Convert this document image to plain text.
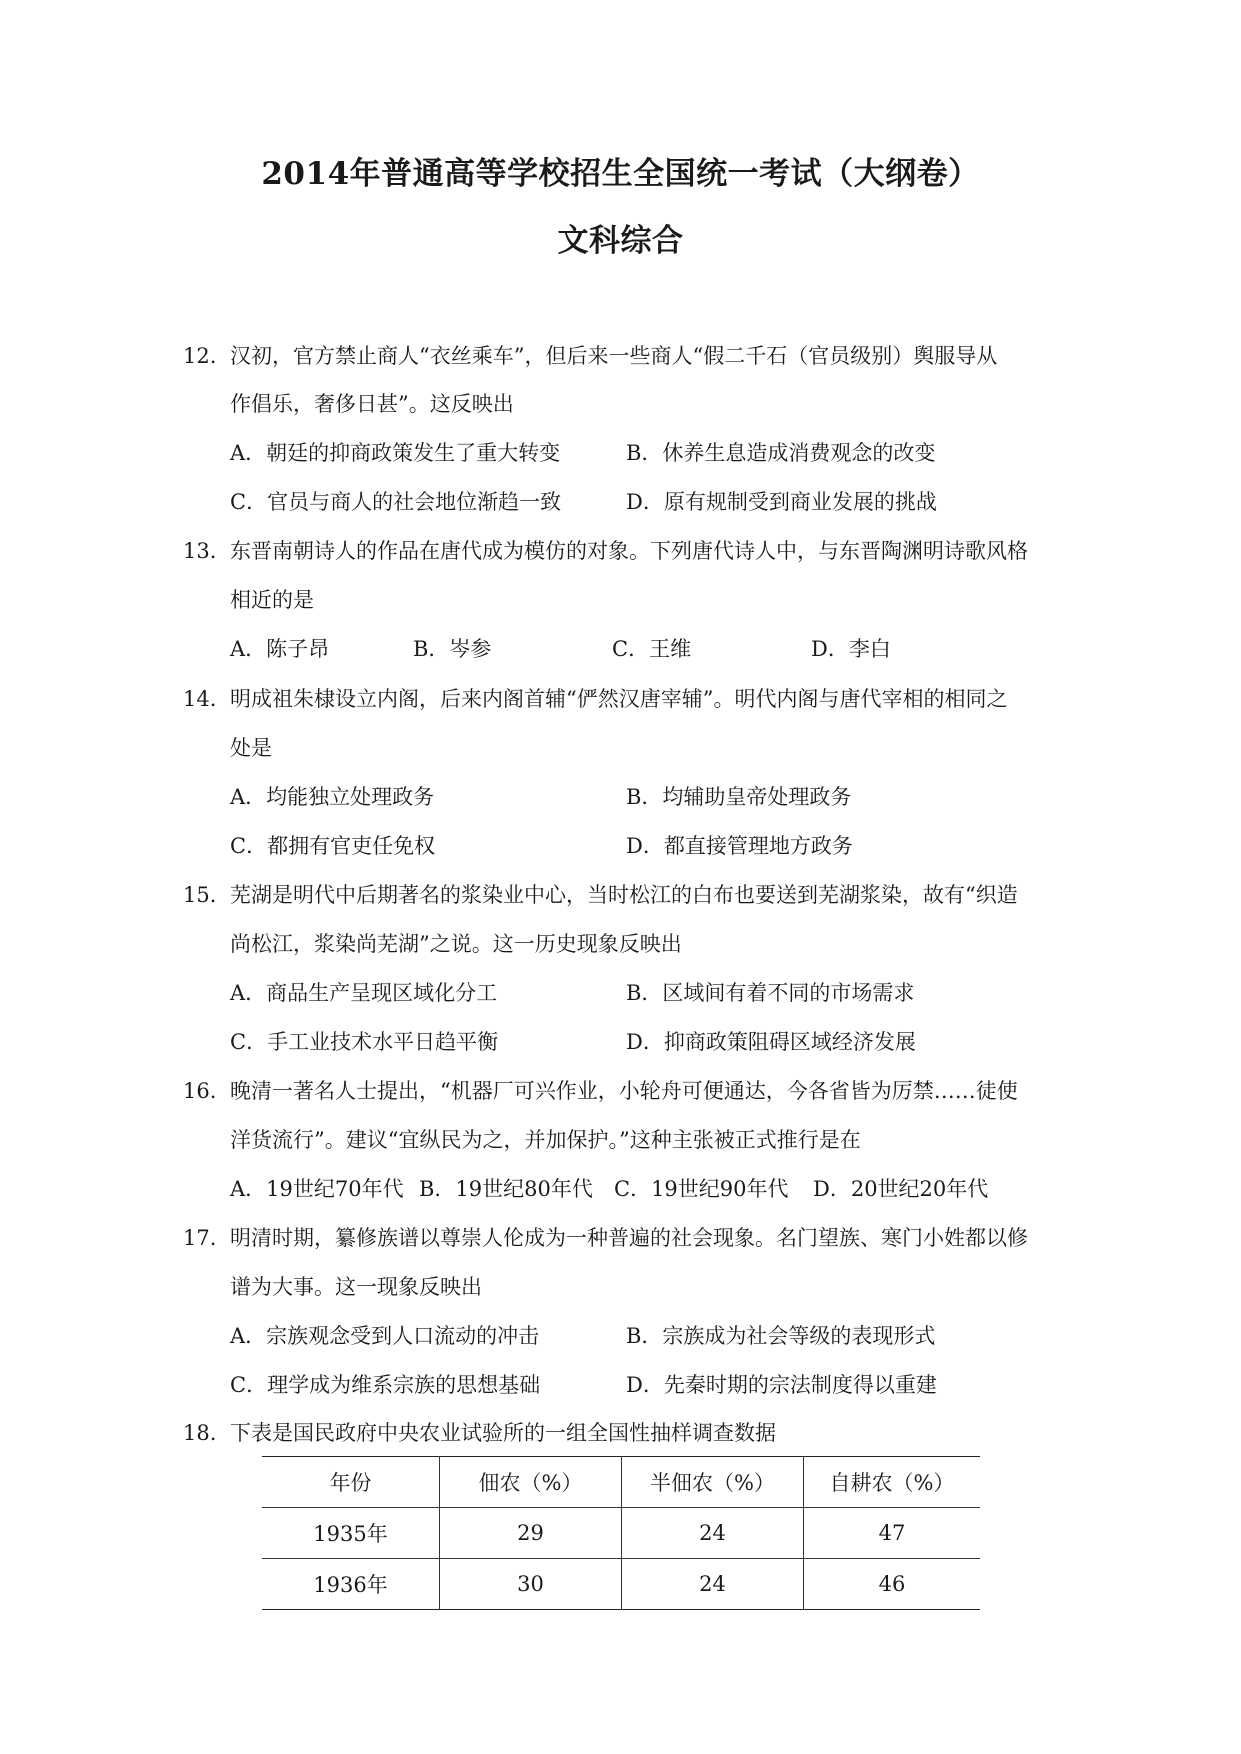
2014年普通高等学校招生全国统一考试（大纲卷）
文科综合
12. 汉初，官方禁止商人“衣丝乘车”，但后来一些商人“假二千石（官员级别）舆服导从
作倡乐，奢侈日甚”。这反映出
A．朝廷的抑商政策发生了重大转变	B．休养生息造成消费观念的改变
C．官员与商人的社会地位渐趋一致	D．原有规制受到商业发展的挑战
13. 东晋南朝诗人的作品在唐代成为模仿的对象。下列唐代诗人中，与东晋陶渊明诗歌风格
相近的是
A．陈子昂	B．岑参	C．王维	D．李白
14. 明成祖朱棣设立内阁，后来内阁首辅“俨然汉唐宰辅”。明代内阁与唐代宰相的相同之
处是
A．均能独立处理政务	B．均辅助皇帝处理政务
C．都拥有官吏任免权	D．都直接管理地方政务
15. 芜湖是明代中后期著名的浆染业中心，当时松江的白布也要送到芜湖浆染，故有“织造
尚松江，浆染尚芜湖”之说。这一历史现象反映出
A．商品生产呈现区域化分工	B．区域间有着不同的市场需求
C．手工业技术水平日趋平衡	D．抑商政策阻碍区域经济发展
16. 晚清一著名人士提出，“机器厂可兴作业，小轮舟可便通达，今各省皆为厉禁……徒使
洋货流行”。建议“宜纵民为之，并加保护。”这种主张被正式推行是在
A．19世纪70年代 B．19世纪80年代 C．19世纪90年代 D．20世纪20年代
17. 明清时期，纂修族谱以尊崇人伦成为一种普遍的社会现象。名门望族、寒门小姓都以修
谱为大事。这一现象反映出
A．宗族观念受到人口流动的冲击	B．宗族成为社会等级的表现形式
C．理学成为维系宗族的思想基础	D．先秦时期的宗法制度得以重建
18. 下表是国民政府中央农业试验所的一组全国性抽样调查数据
年份	佃农（%）	半佃农（%）	自耕农（%）
1935年	29	24	47
1936年	30	24	46
